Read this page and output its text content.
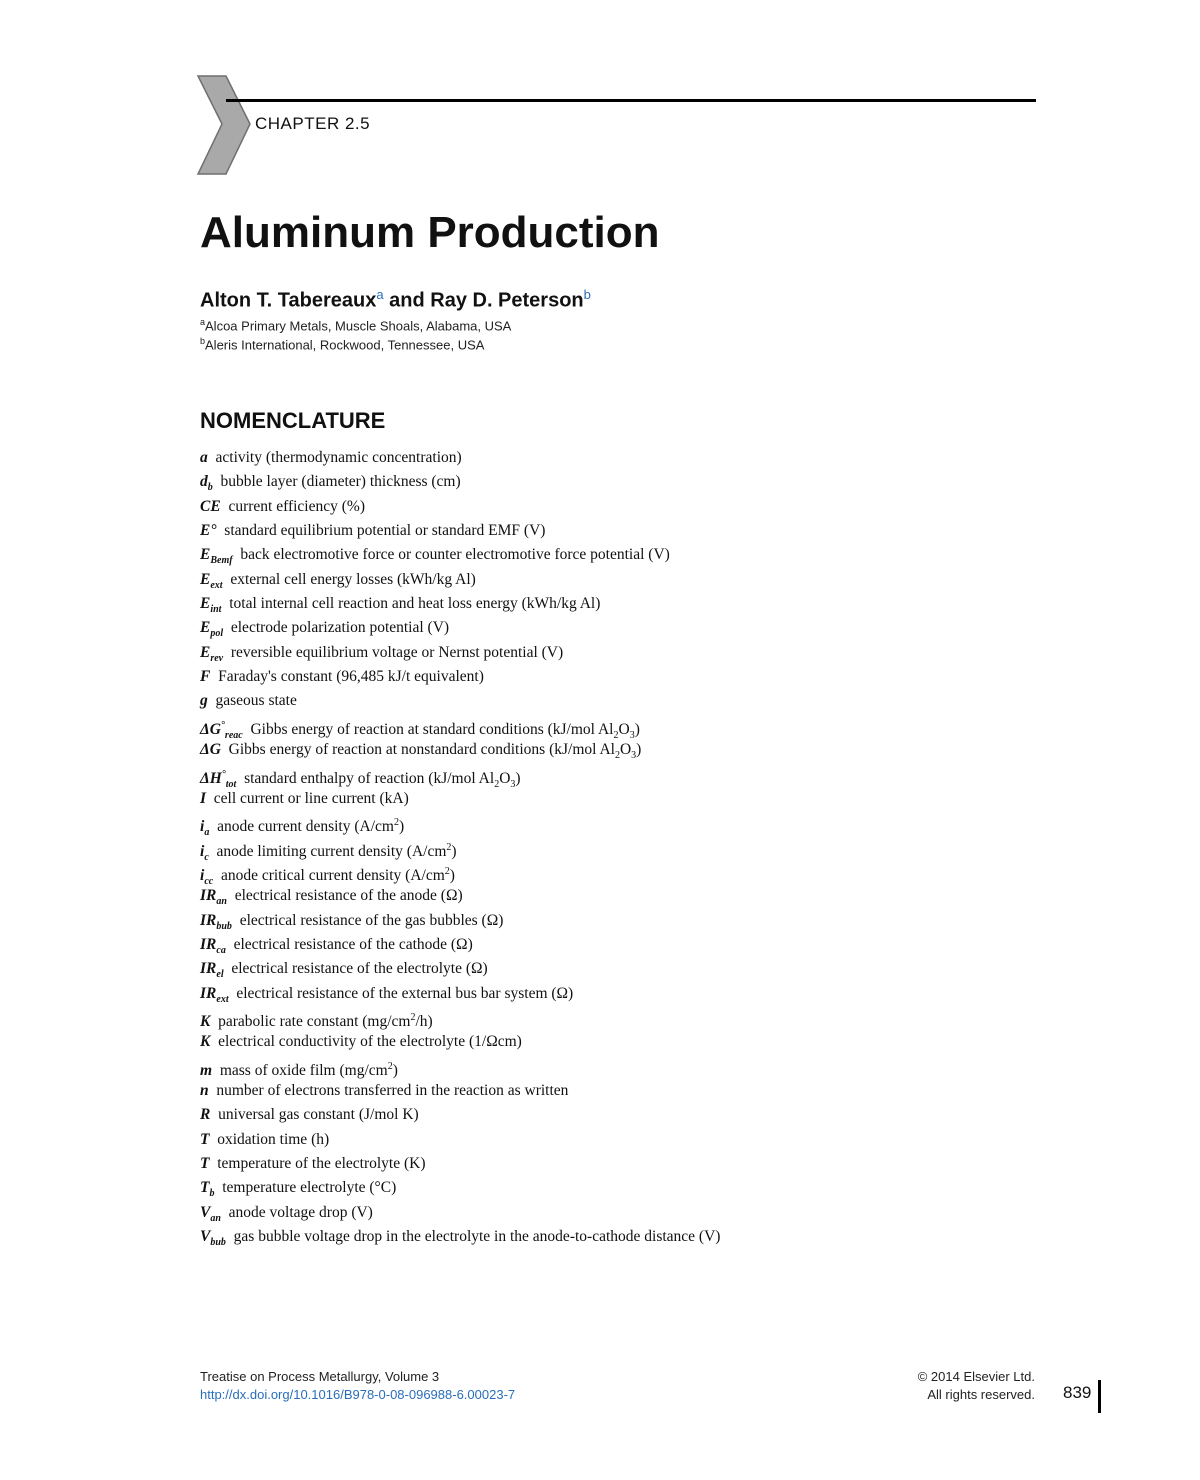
CHAPTER 2.5
Aluminum Production
Alton T. Tabereaux$^a$ and Ray D. Peterson$^b$
$^a$Alcoa Primary Metals, Muscle Shoals, Alabama, USA
$^b$Aleris International, Rockwood, Tennessee, USA
NOMENCLATURE
a activity (thermodynamic concentration)
$d_b$ bubble layer (diameter) thickness (cm)
CE current efficiency (%)
E° standard equilibrium potential or standard EMF (V)
$E_{Bemf}$ back electromotive force or counter electromotive force potential (V)
$E_{ext}$ external cell energy losses (kWh/kg Al)
$E_{int}$ total internal cell reaction and heat loss energy (kWh/kg Al)
$E_{pol}$ electrode polarization potential (V)
$E_{rev}$ reversible equilibrium voltage or Nernst potential (V)
F Faraday's constant (96,485 kJ/t equivalent)
g gaseous state
$\Delta G^\circ_{reac}$ Gibbs energy of reaction at standard conditions (kJ/mol $Al_2O_3$)
ΔG Gibbs energy of reaction at nonstandard conditions (kJ/mol $Al_2O_3$)
$\Delta H^\circ_{tot}$ standard enthalpy of reaction (kJ/mol $Al_2O_3$)
I cell current or line current (kA)
$i_a$ anode current density $(A/cm^2)$
$i_c$ anode limiting current density $(A/cm^2)$
$i_{cc}$ anode critical current density $(A/cm^2)$
$IR_{an}$ electrical resistance of the anode (Ω)
$IR_{bub}$ electrical resistance of the gas bubbles (Ω)
$IR_{ca}$ electrical resistance of the cathode (Ω)
$IR_{el}$ electrical resistance of the electrolyte (Ω)
$IR_{ext}$ electrical resistance of the external bus bar system (Ω)
K parabolic rate constant $(mg/cm^2/h)$
K electrical conductivity of the electrolyte (1/Ωcm)
m mass of oxide film $(mg/cm^2)$
n number of electrons transferred in the reaction as written
R universal gas constant (J/mol K)
T oxidation time (h)
T temperature of the electrolyte (K)
$T_b$ temperature electrolyte (°C)
$V_{an}$ anode voltage drop (V)
$V_{bub}$ gas bubble voltage drop in the electrolyte in the anode-to-cathode distance (V)
Treatise on Process Metallurgy, Volume 3
http://dx.doi.org/10.1016/B978-0-08-096988-6.00023-7
© 2014 Elsevier Ltd.
All rights reserved. 839
